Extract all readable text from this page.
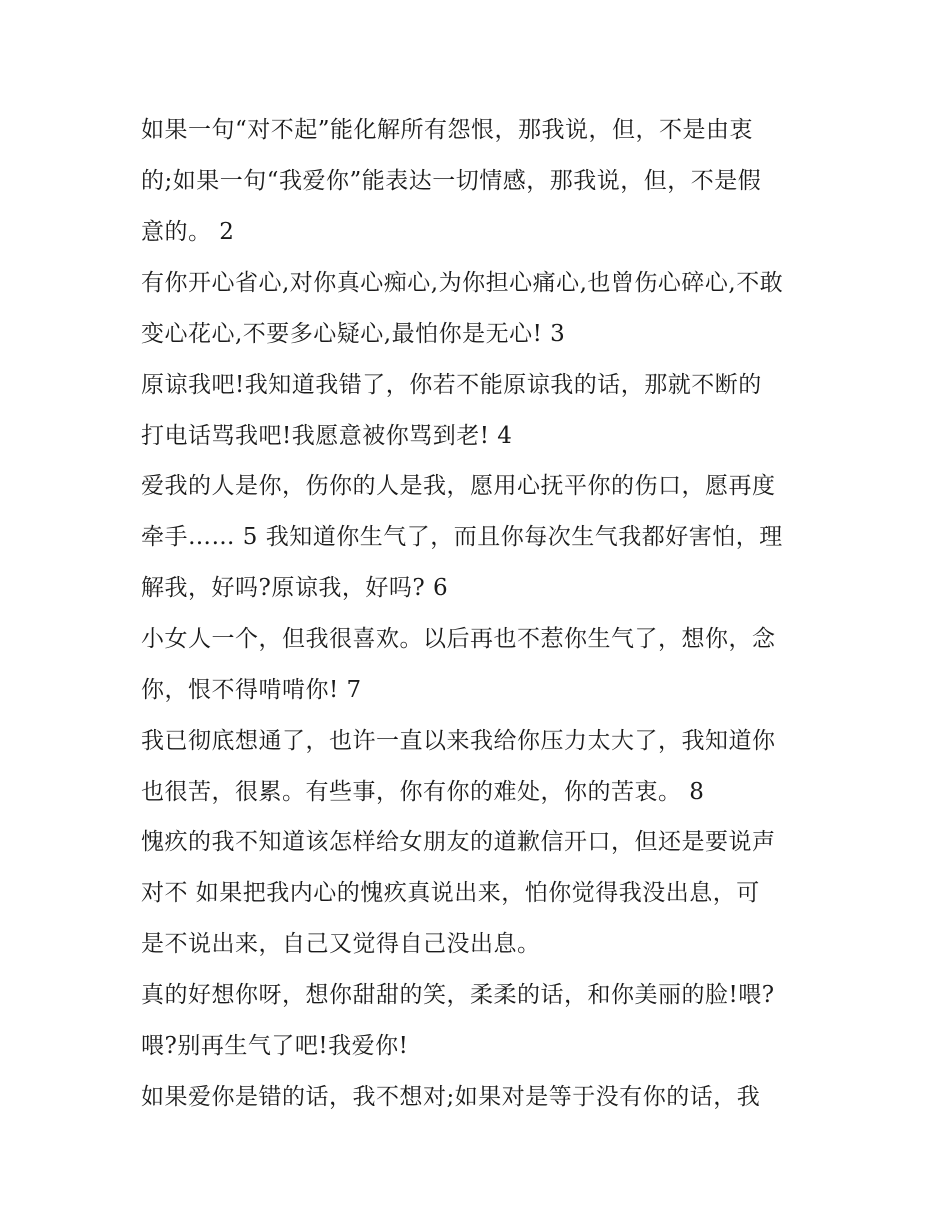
如果一句“对不起”能化解所有怨恨，那我说，但，不是由衷

的;如果一句“我爱你”能表达一切情感，那我说，但，不是假

意的。 2

有你开心省心,对你真心痴心,为你担心痛心,也曾伤心碎心,不敢

变心花心,不要多心疑心,最怕你是无心! 3

原谅我吧!我知道我错了，你若不能原谅我的话，那就不断的

打电话骂我吧!我愿意被你骂到老! 4

爱我的人是你，伤你的人是我，愿用心抚平你的伤口，愿再度

牵手…… 5 我知道你生气了，而且你每次生气我都好害怕，理

解我，好吗?原谅我，好吗? 6

小女人一个，但我很喜欢。以后再也不惹你生气了，想你，念

你，恨不得啃啃你! 7

我已彻底想通了，也许一直以来我给你压力太大了，我知道你

也很苦，很累。有些事，你有你的难处，你的苦衷。 8

愧疚的我不知道该怎样给女朋友的道歉信开口，但还是要说声

对不 如果把我内心的愧疚真说出来，怕你觉得我没出息，可

是不说出来，自己又觉得自己没出息。

真的好想你呀，想你甜甜的笑，柔柔的话，和你美丽的脸!喂?

喂?别再生气了吧!我爱你!

如果爱你是错的话，我不想对;如果对是等于没有你的话，我
